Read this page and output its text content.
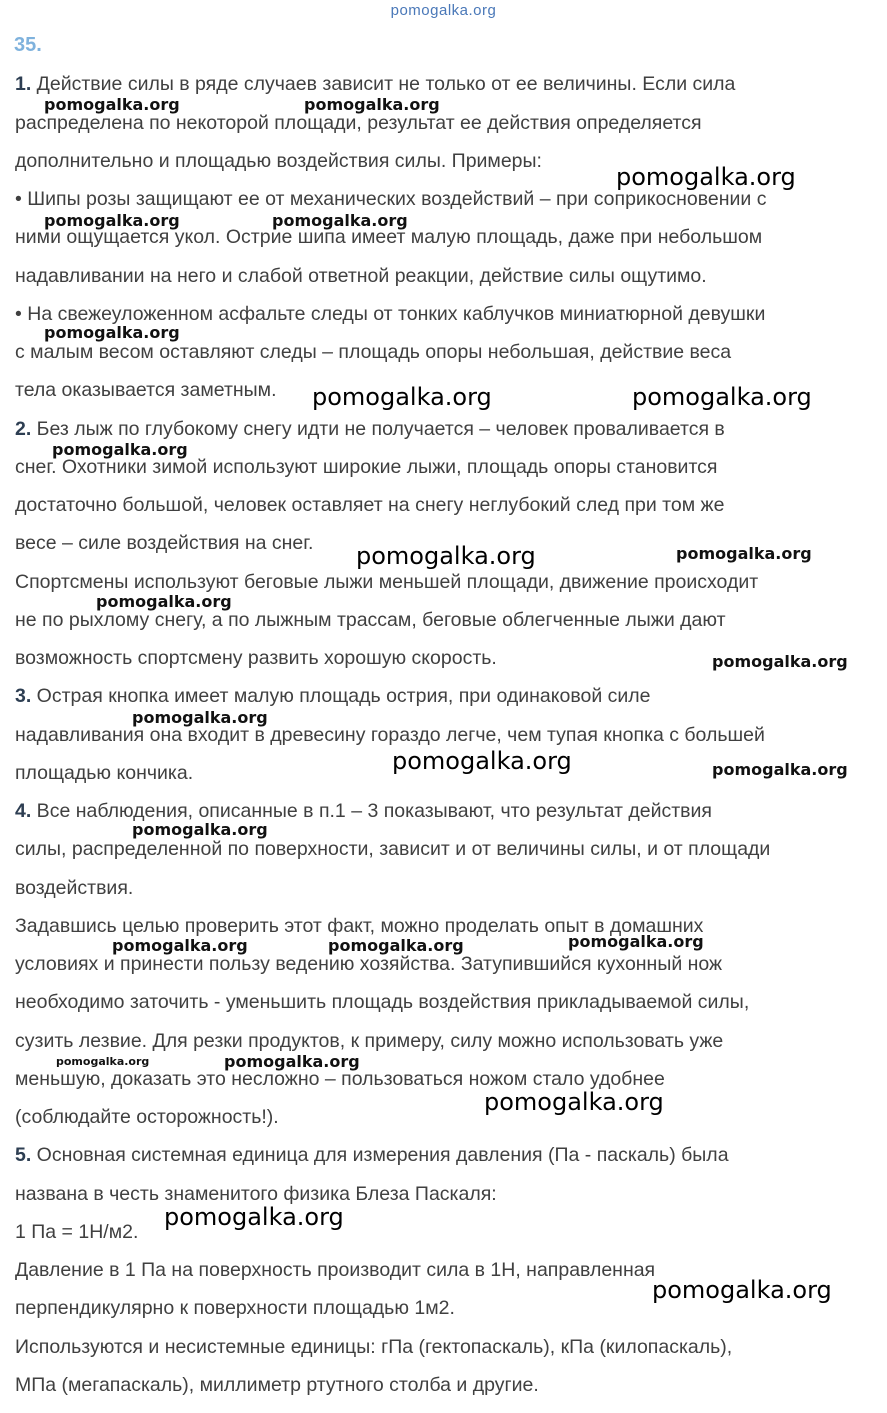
pomogalka.org
35.
1. Действие силы в ряде случаев зависит не только от ее величины. Если сила
распределена по некоторой площади, результат ее действия определяется
дополнительно и площадью воздействия силы. Примеры:
• Шипы розы защищают ее от механических воздействий – при соприкосновении с
ними ощущается укол. Острие шипа имеет малую площадь, даже при небольшом
надавливании на него и слабой ответной реакции, действие силы ощутимо.
• На свежеуложенном асфальте следы от тонких каблучков миниатюрной девушки
с малым весом оставляют следы – площадь опоры небольшая, действие веса
тела оказывается заметным.
2. Без лыж по глубокому снегу идти не получается – человек проваливается в
снег. Охотники зимой используют широкие лыжи, площадь опоры становится
достаточно большой, человек оставляет на снегу неглубокий след при том же
весе – силе воздействия на снег.
Спортсмены используют беговые лыжи меньшей площади, движение происходит
не по рыхлому снегу, а по лыжным трассам, беговые облегченные лыжи дают
возможность спортсмену развить хорошую скорость.
3. Острая кнопка имеет малую площадь острия, при одинаковой силе
надавливания она входит в древесину гораздо легче, чем тупая кнопка с большей
площадью кончика.
4. Все наблюдения, описанные в п.1 – 3 показывают, что результат действия
силы, распределенной по поверхности, зависит и от величины силы, и от площади
воздействия.
Задавшись целью проверить этот факт, можно проделать опыт в домашних
условиях и принести пользу ведению хозяйства. Затупившийся кухонный нож
необходимо заточить - уменьшить площадь воздействия прикладываемой силы,
сузить лезвие. Для резки продуктов, к примеру, силу можно использовать уже
меньшую, доказать это несложно – пользоваться ножом стало удобнее
(соблюдайте осторожность!).
5. Основная системная единица для измерения давления (Па - паскаль) была
названа в честь знаменитого физика Блеза Паскаля:
1 Па = 1Н/м2.
Давление в 1 Па на поверхность производит сила в 1Н, направленная
перпендикулярно к поверхности площадью 1м2.
Используются и несистемные единицы: гПа (гектопаскаль), кПа (килопаскаль),
МПа (мегапаскаль), миллиметр ртутного столба и другие.
pomogalka.org	pomogalka.org
pomogalka.org
pomogalka.org	pomogalka.org
pomogalka.org
pomogalka.org	pomogalka.org
pomogalka.org
pomogalka.org	pomogalka.org
pomogalka.org
pomogalka.org
pomogalka.org
pomogalka.org	pomogalka.org
pomogalka.org
pomogalka.org	pomogalka.org	pomogalka.org
pomogalka.org	pomogalka.org
pomogalka.org
pomogalka.org
pomogalka.org
